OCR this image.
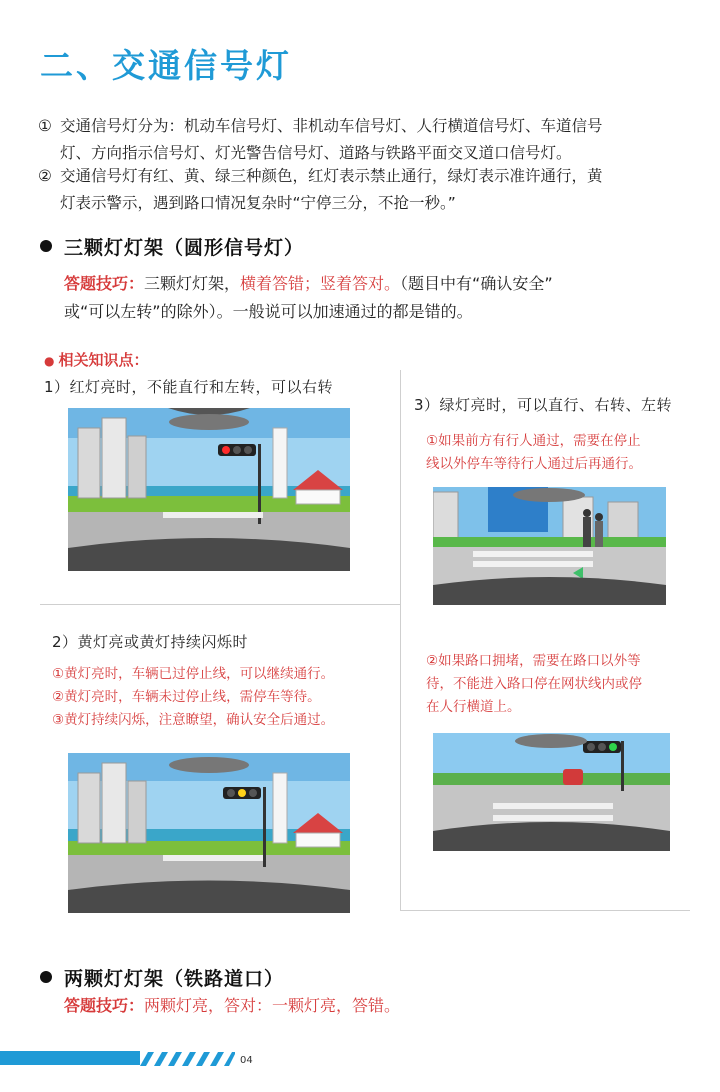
二、交通信号灯
① 交通信号灯分为：机动车信号灯、非机动车信号灯、人行横道信号灯、车道信号
灯、方向指示信号灯、灯光警告信号灯、道路与铁路平面交叉道口信号灯。
② 交通信号灯有红、黄、绿三种颜色，红灯表示禁止通行，绿灯表示准许通行，黄
灯表示警示，遇到路口情况复杂时“宁停三分，不抢一秒。”
三颗灯灯架（圆形信号灯）
答题技巧：三颗灯灯架，横着答错；竖着答对。（题目中有“确认安全”
或“可以左转”的除外）。一般说可以加速通过的都是错的。
● 相关知识点：
1）红灯亮时，不能直行和左转，可以右转
2）黄灯亮或黄灯持续闪烁时
①黄灯亮时，车辆已过停止线，可以继续通行。
②黄灯亮时，车辆未过停止线，需停车等待。
③黄灯持续闪烁，注意瞭望，确认安全后通过。
3）绿灯亮时，可以直行、右转、左转
①如果前方有行人通过，需要在停止
线以外停车等待行人通过后再通行。
②如果路口拥堵，需要在路口以外等
待，不能进入路口停在网状线内或停
在人行横道上。
两颗灯灯架（铁路道口）
答题技巧：两颗灯亮，答对：一颗灯亮，答错。
04
